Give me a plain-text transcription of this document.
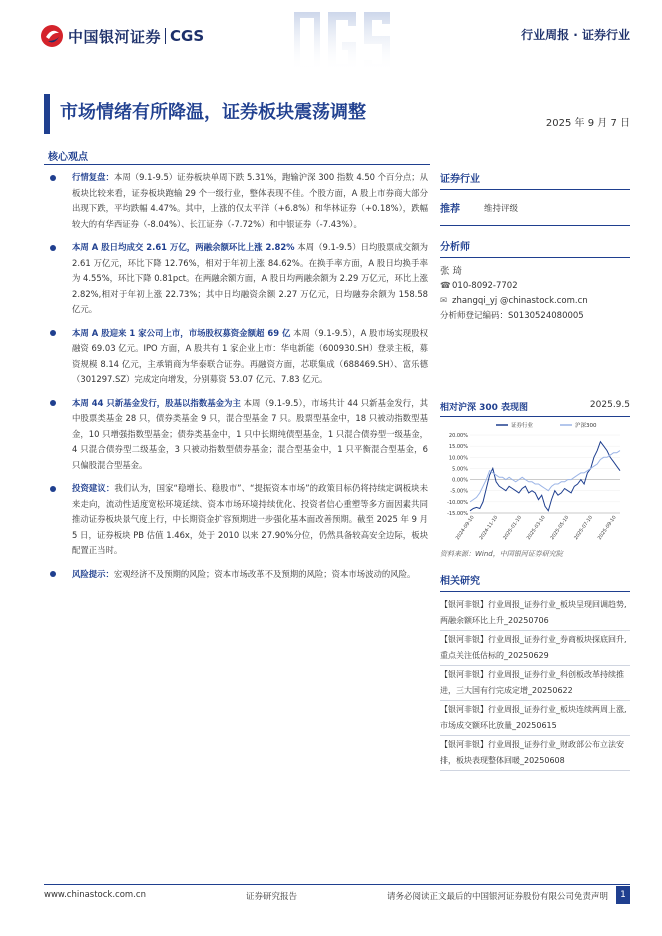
中国银河证券 CGS	行业周报 · 证券行业
市场情绪有所降温，证券板块震荡调整
2025 年 9 月 7 日
核心观点
行情复盘：本周（9.1-9.5）证券板块单周下跌 5.31%，跑输沪深 300 指数 4.50 个百分点；从板块比较来看，证券板块跑输 29 个一级行业，整体表现不佳。个股方面，A 股上市券商大部分出现下跌，平均跌幅 4.47%。其中，上涨的仅太平洋（+6.8%）和华林证券（+0.18%），跌幅较大的有华西证券（-8.04%）、长江证券（-7.72%）和中银证券（-7.43%）。
本周 A 股日均成交 2.61 万亿，两融余额环比上涨 2.82% 本周（9.1-9.5）日均股票成交额为 2.61 万亿元，环比下降 12.76%，相对于年初上涨 84.62%。在换手率方面，A 股日均换手率为 4.55%，环比下降 0.81pct。在两融余额方面，A 股日均两融余额为 2.29 万亿元，环比上涨 2.82%,相对于年初上涨 22.73%；其中日均融资余额 2.27 万亿元，日均融券余额为 158.58 亿元。
本周 A 股迎来 1 家公司上市，市场股权募资金额超 69 亿 本周（9.1-9.5），A 股市场实现股权融资 69.03 亿元。IPO 方面，A 股共有 1 家企业上市：华电新能（600930.SH）登录主板，募资规模 8.14 亿元，主承销商为华泰联合证券。再融资方面，芯联集成（688469.SH）、富乐德（301297.SZ）完成定向增发，分别募资 53.07 亿元、7.83 亿元。
本周 44 只新基金发行，股基以指数基金为主 本周（9.1-9.5），市场共计 44 只新基金发行，其中股票类基金 28 只，债券类基金 9 只，混合型基金 7 只。股票型基金中，18 只被动指数型基金，10 只增强指数型基金；债券类基金中，1 只中长期纯债型基金，1 只混合债券型一级基金，4 只混合债券型二级基金，3 只被动指数型债券基金；混合型基金中，1 只平衡混合型基金，6 只偏股混合型基金。
投资建议：我们认为，国家“稳增长、稳股市”、“提振资本市场”的政策目标仍将持续定调板块未来走向，流动性适度宽松环境延续、资本市场环境持续优化、投资者信心重塑等多方面因素共同推动证券板块景气度上行，中长期资金扩容预期进一步强化基本面改善预期。截至 2025 年 9 月 5 日，证券板块 PB 估值 1.46x，处于 2010 以来 27.90%分位，仍然具备较高安全边际，板块配置正当时。
风险提示：宏观经济不及预期的风险；资本市场改革不及预期的风险；资本市场波动的风险。
证券行业
推荐	维持评级
分析师
张 琦
☎010-8092-7702
✉ zhangqi_yj @chinastock.com.cn
分析师登记编码：S0130524080005
相对沪深 300 表现图	2025.9.5
20.00%
15.00%
10.00%
5.00%
0.00%
-5.00%
-10.00%
-15.00%
2024-09-10 2024-11-10 2025-01-10 2025-03-10 2025-05-10 2025-07-10 2025-09-10
证券行业	沪深300
资料来源：Wind，中国银河证券研究院
相关研究
【银河非银】行业周报_证券行业_板块呈现回调趋势,两融余额环比上升_20250706
【银河非银】行业周报_证券行业_券商板块探底回升,重点关注低估标的_20250629
【银河非银】行业周报_证券行业_科创板改革持续推进，三大国有行完成定增_20250622
【银河非银】行业周报_证券行业_板块连续两周上涨,市场成交额环比放量_20250615
【银河非银】行业周报_证券行业_财政部公布立法安排，板块表现整体回暖_20250608
www.chinastock.com.cn	证券研究报告	请务必阅读正文最后的中国银河证券股份有限公司免责声明	1
